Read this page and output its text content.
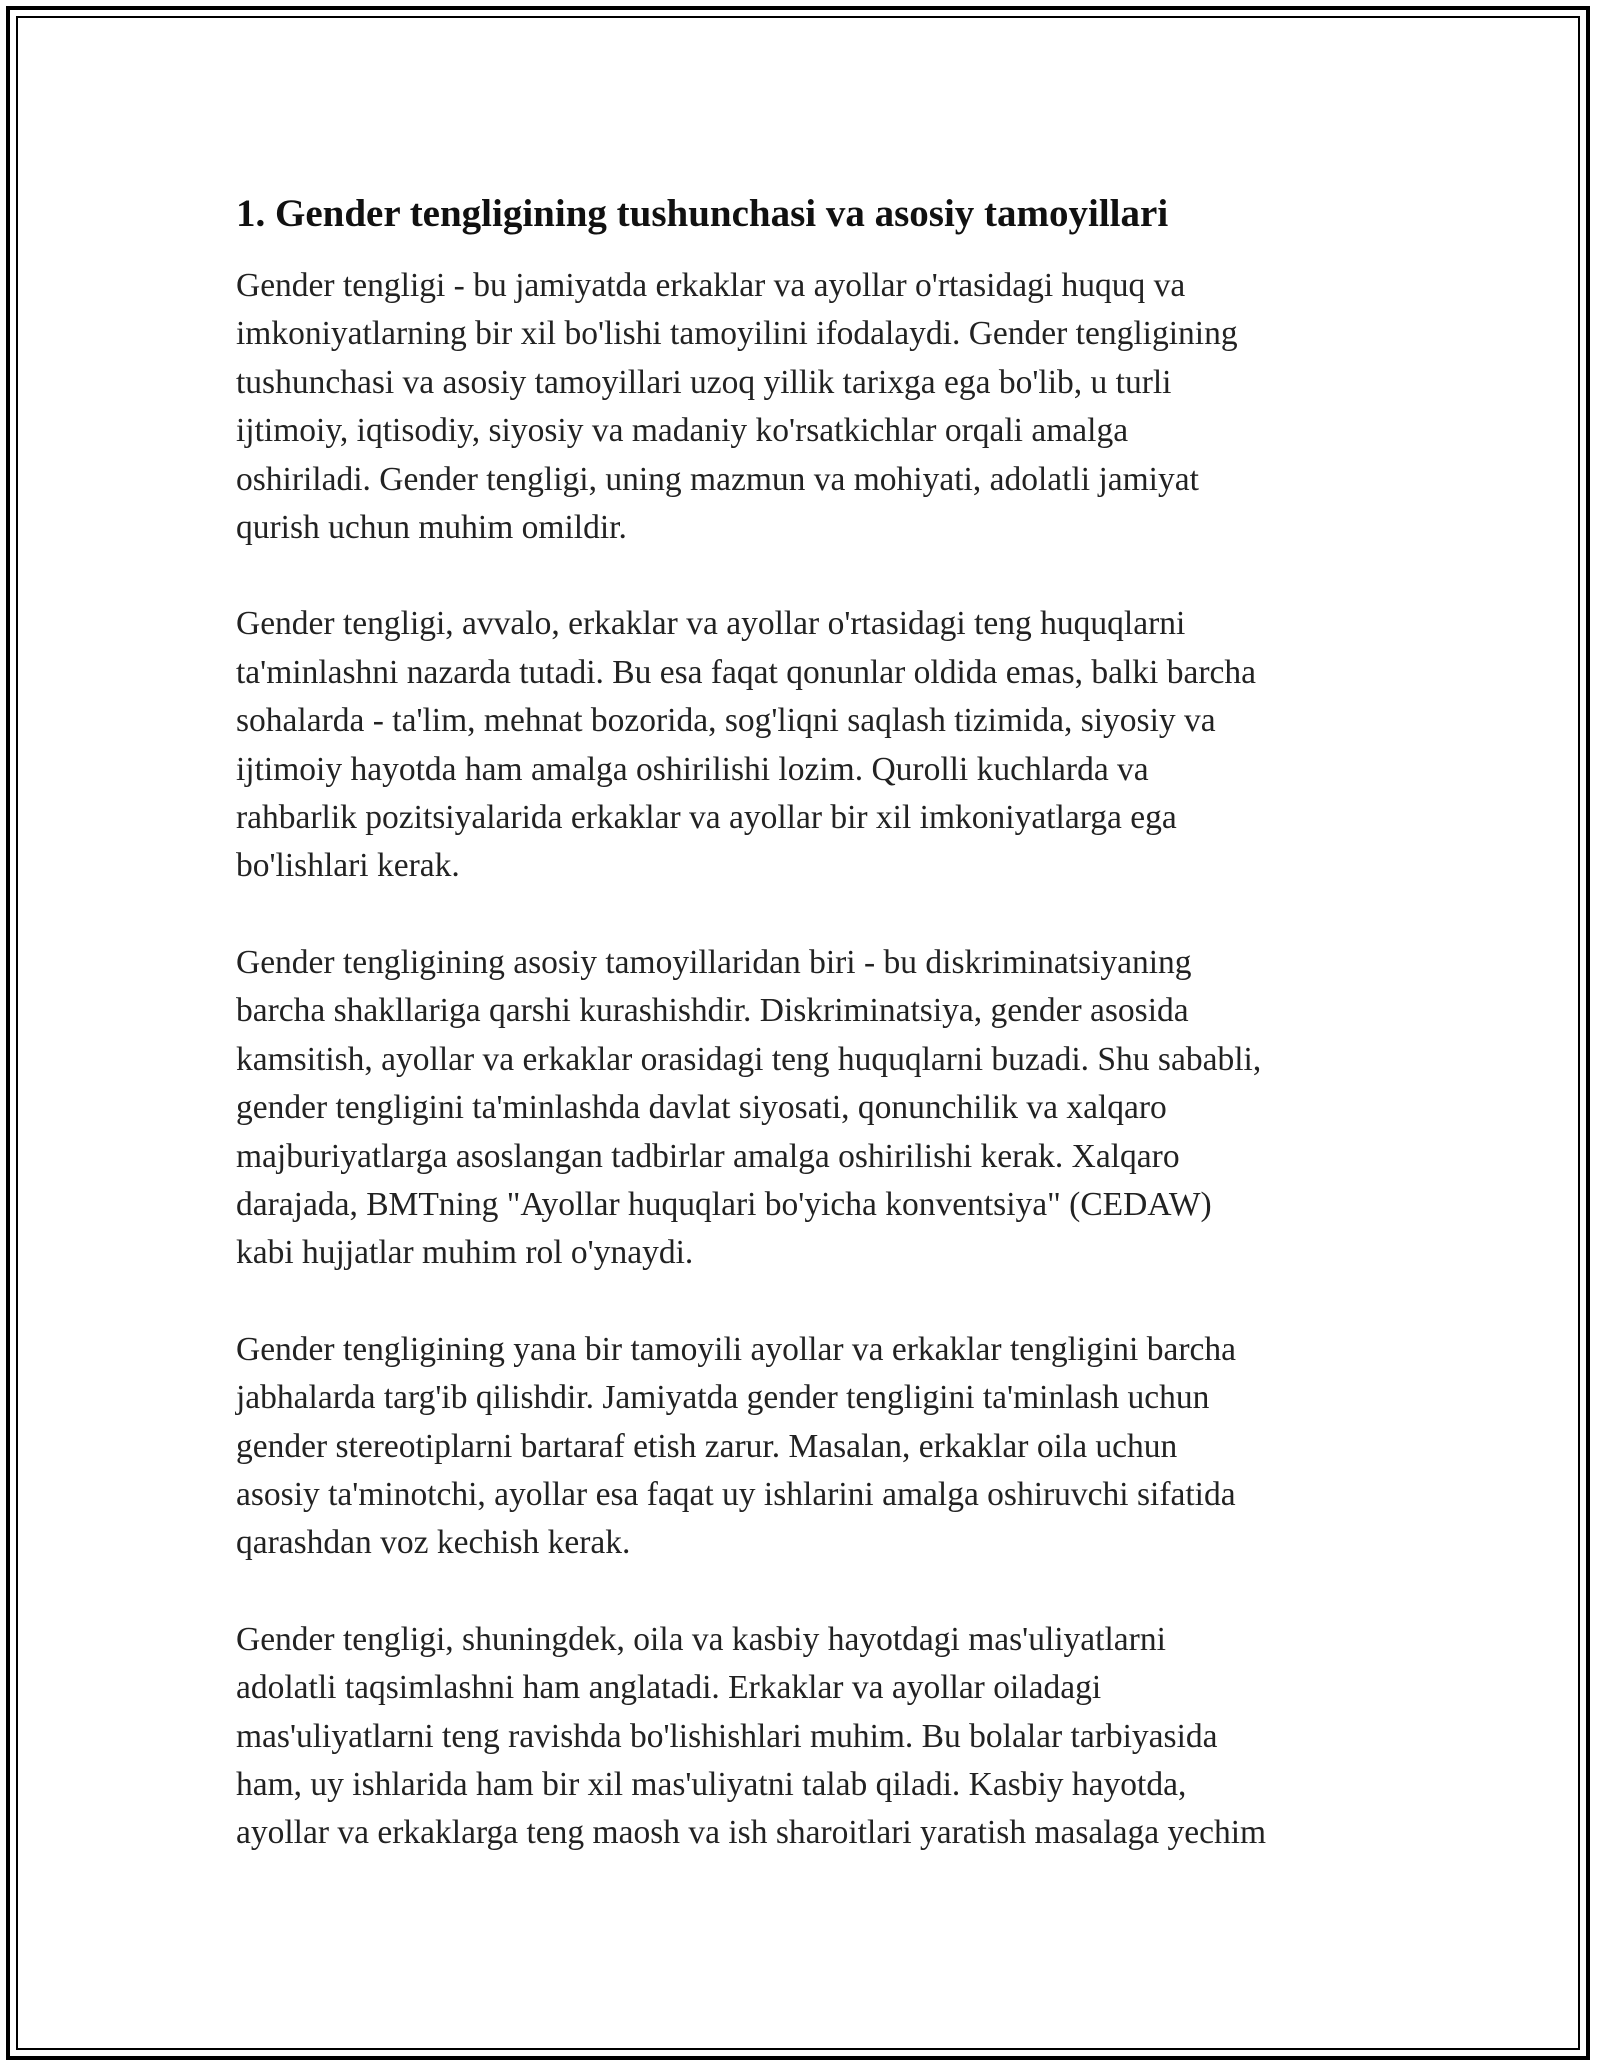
1. Gender tengligining tushunchasi va asosiy tamoyillari

Gender tengligi - bu jamiyatda erkaklar va ayollar o'rtasidagi huquq va
imkoniyatlarning bir xil bo'lishi tamoyilini ifodalaydi. Gender tengligining
tushunchasi va asosiy tamoyillari uzoq yillik tarixga ega bo'lib, u turli
ijtimoiy, iqtisodiy, siyosiy va madaniy ko'rsatkichlar orqali amalga
oshiriladi. Gender tengligi, uning mazmun va mohiyati, adolatli jamiyat
qurish uchun muhim omildir.

Gender tengligi, avvalo, erkaklar va ayollar o'rtasidagi teng huquqlarni
ta'minlashni nazarda tutadi. Bu esa faqat qonunlar oldida emas, balki barcha
sohalarda - ta'lim, mehnat bozorida, sog'liqni saqlash tizimida, siyosiy va
ijtimoiy hayotda ham amalga oshirilishi lozim. Qurolli kuchlarda va
rahbarlik pozitsiyalarida erkaklar va ayollar bir xil imkoniyatlarga ega
bo'lishlari kerak.

Gender tengligining asosiy tamoyillaridan biri - bu diskriminatsiyaning
barcha shakllariga qarshi kurashishdir. Diskriminatsiya, gender asosida
kamsitish, ayollar va erkaklar orasidagi teng huquqlarni buzadi. Shu sababli,
gender tengligini ta'minlashda davlat siyosati, qonunchilik va xalqaro
majburiyatlarga asoslangan tadbirlar amalga oshirilishi kerak. Xalqaro
darajada, BMTning "Ayollar huquqlari bo'yicha konventsiya" (CEDAW)
kabi hujjatlar muhim rol o'ynaydi.

Gender tengligining yana bir tamoyili ayollar va erkaklar tengligini barcha
jabhalarda targ'ib qilishdir. Jamiyatda gender tengligini ta'minlash uchun
gender stereotiplarni bartaraf etish zarur. Masalan, erkaklar oila uchun
asosiy ta'minotchi, ayollar esa faqat uy ishlarini amalga oshiruvchi sifatida
qarashdan voz kechish kerak.

Gender tengligi, shuningdek, oila va kasbiy hayotdagi mas'uliyatlarni
adolatli taqsimlashni ham anglatadi. Erkaklar va ayollar oiladagi
mas'uliyatlarni teng ravishda bo'lishishlari muhim. Bu bolalar tarbiyasida
ham, uy ishlarida ham bir xil mas'uliyatni talab qiladi. Kasbiy hayotda,
ayollar va erkaklarga teng maosh va ish sharoitlari yaratish masalaga yechim
